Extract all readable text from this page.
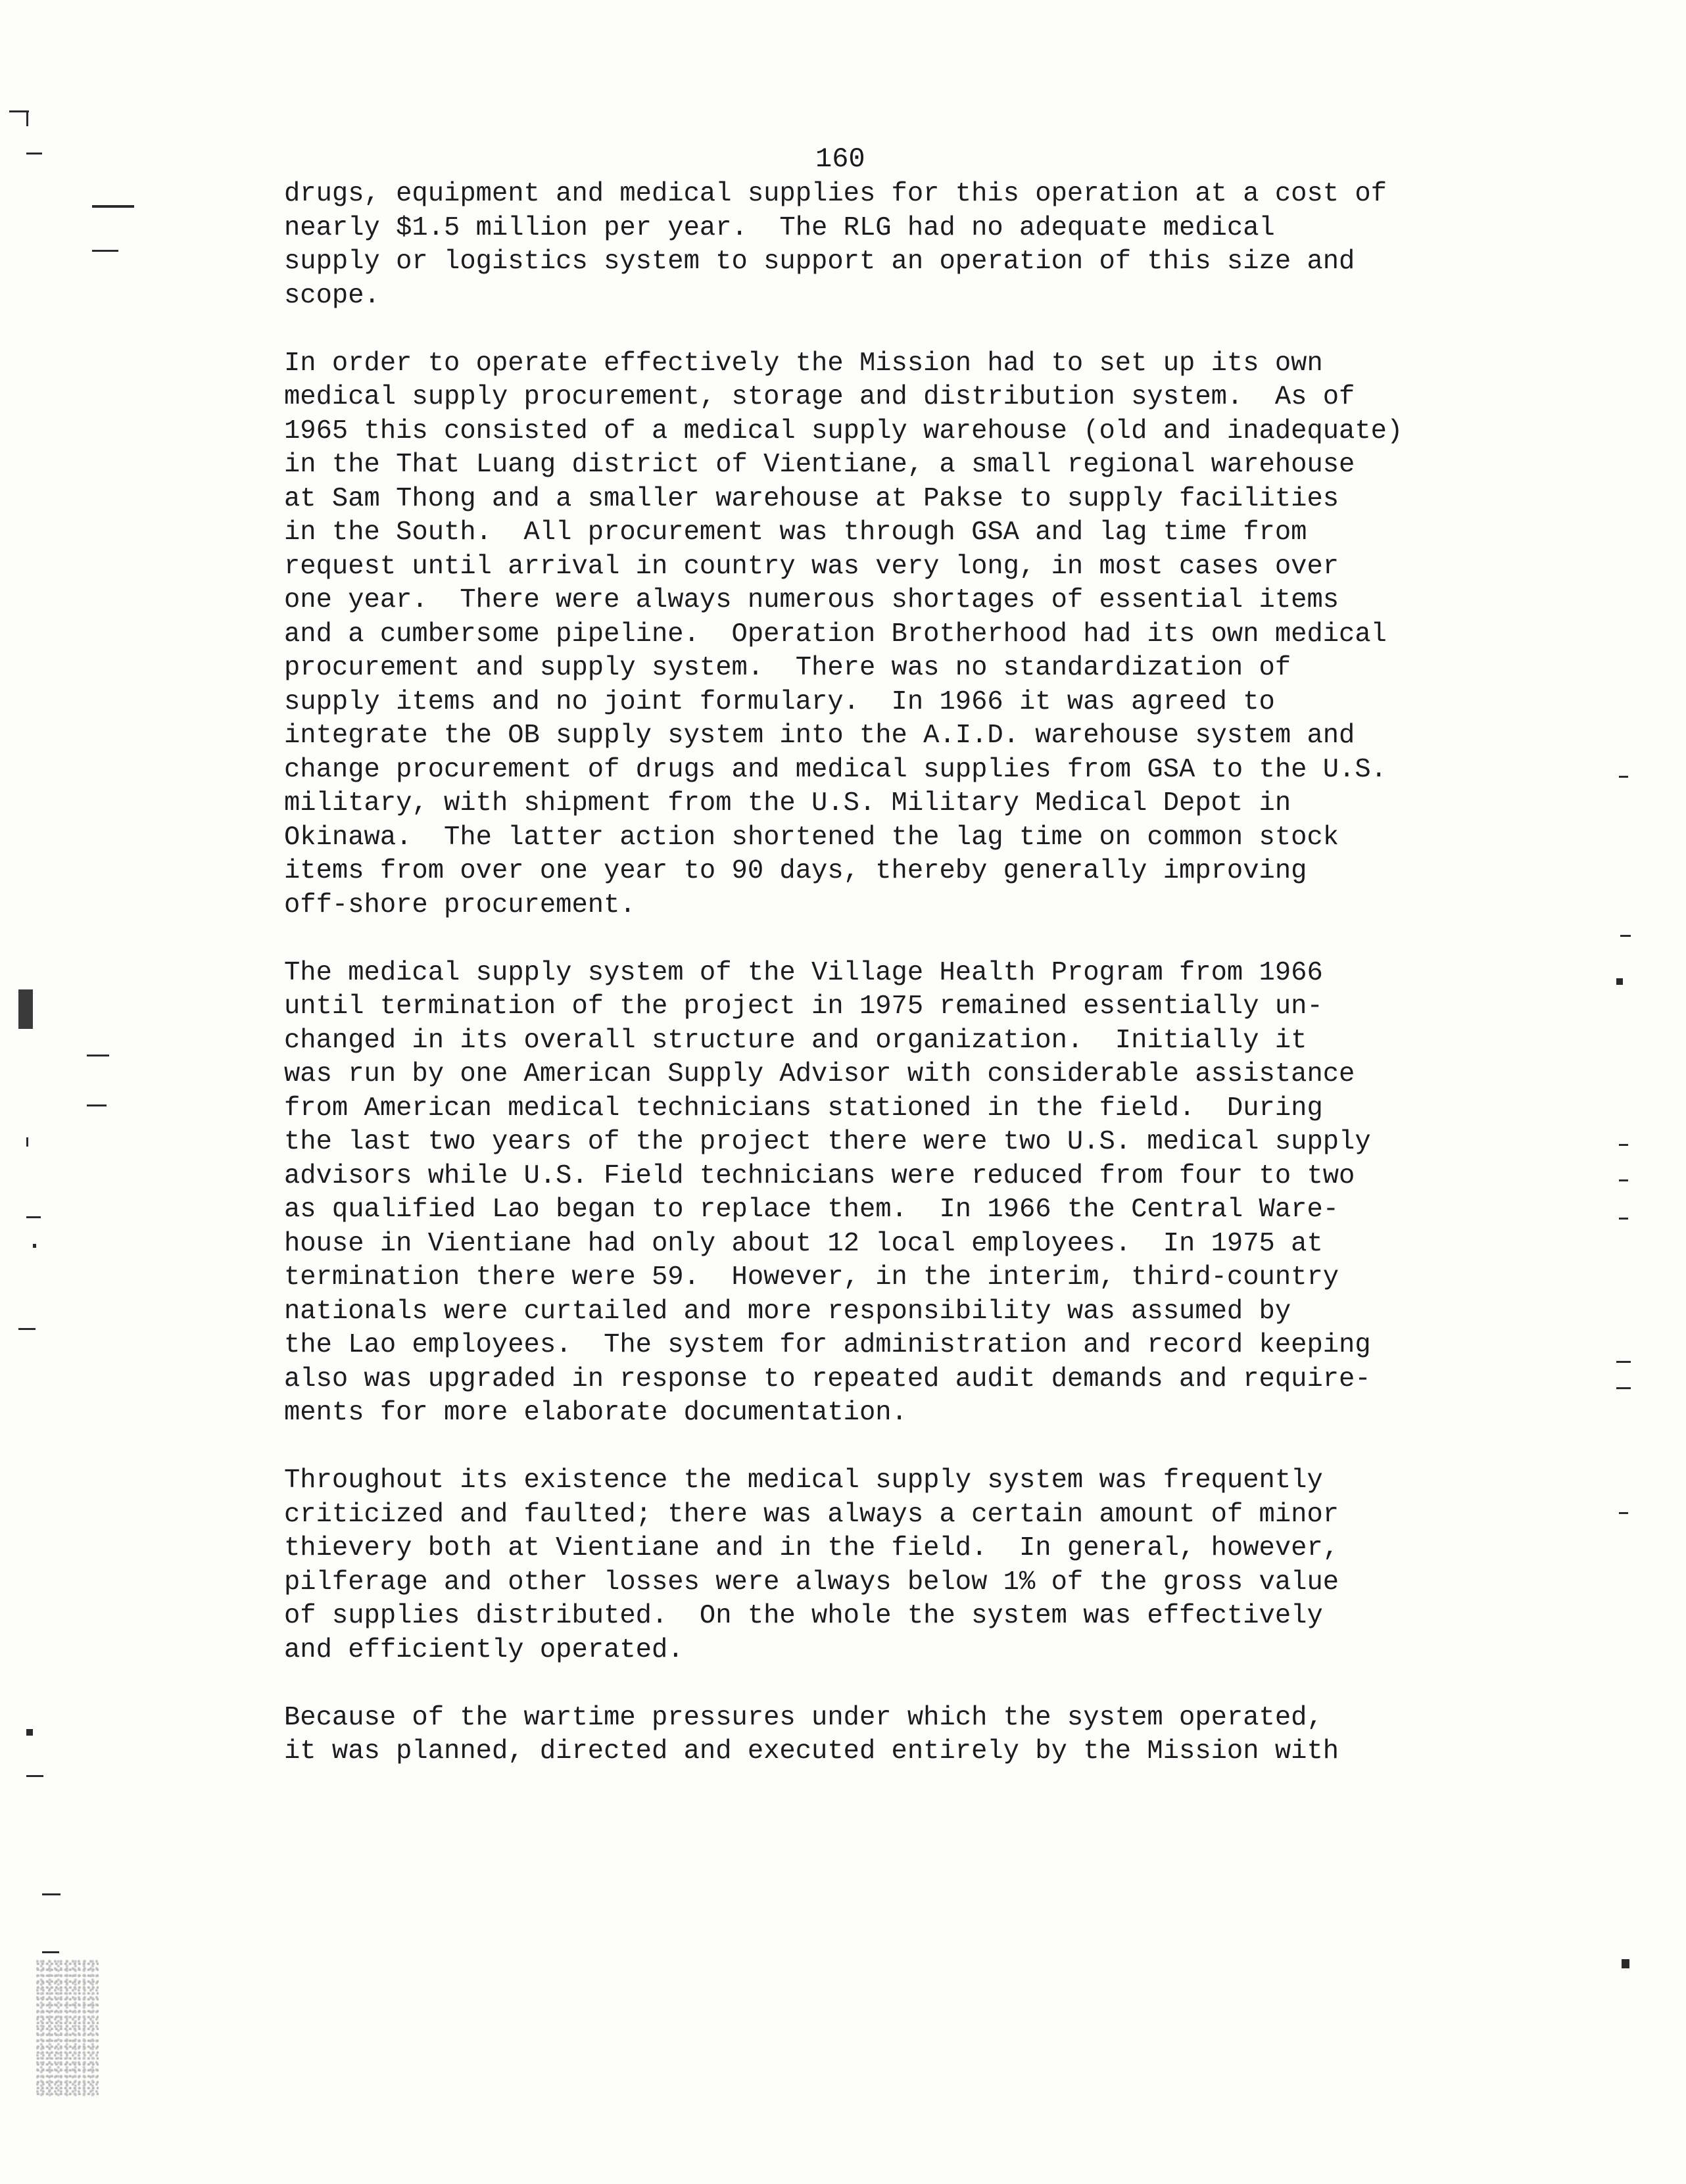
160
drugs, equipment and medical supplies for this operation at a cost of
nearly $1.5 million per year.  The RLG had no adequate medical
supply or logistics system to support an operation of this size and
scope.
In order to operate effectively the Mission had to set up its own
medical supply procurement, storage and distribution system.  As of
1965 this consisted of a medical supply warehouse (old and inadequate)
in the That Luang district of Vientiane, a small regional warehouse
at Sam Thong and a smaller warehouse at Pakse to supply facilities
in the South.  All procurement was through GSA and lag time from
request until arrival in country was very long, in most cases over
one year.  There were always numerous shortages of essential items
and a cumbersome pipeline.  Operation Brotherhood had its own medical
procurement and supply system.  There was no standardization of
supply items and no joint formulary.  In 1966 it was agreed to
integrate the OB supply system into the A.I.D. warehouse system and
change procurement of drugs and medical supplies from GSA to the U.S.
military, with shipment from the U.S. Military Medical Depot in
Okinawa.  The latter action shortened the lag time on common stock
items from over one year to 90 days, thereby generally improving
off-shore procurement.
The medical supply system of the Village Health Program from 1966
until termination of the project in 1975 remained essentially un-
changed in its overall structure and organization.  Initially it
was run by one American Supply Advisor with considerable assistance
from American medical technicians stationed in the field.  During
the last two years of the project there were two U.S. medical supply
advisors while U.S. Field technicians were reduced from four to two
as qualified Lao began to replace them.  In 1966 the Central Ware-
house in Vientiane had only about 12 local employees.  In 1975 at
termination there were 59.  However, in the interim, third-country
nationals were curtailed and more responsibility was assumed by
the Lao employees.  The system for administration and record keeping
also was upgraded in response to repeated audit demands and require-
ments for more elaborate documentation.
Throughout its existence the medical supply system was frequently
criticized and faulted; there was always a certain amount of minor
thievery both at Vientiane and in the field.  In general, however,
pilferage and other losses were always below 1% of the gross value
of supplies distributed.  On the whole the system was effectively
and efficiently operated.
Because of the wartime pressures under which the system operated,
it was planned, directed and executed entirely by the Mission with
